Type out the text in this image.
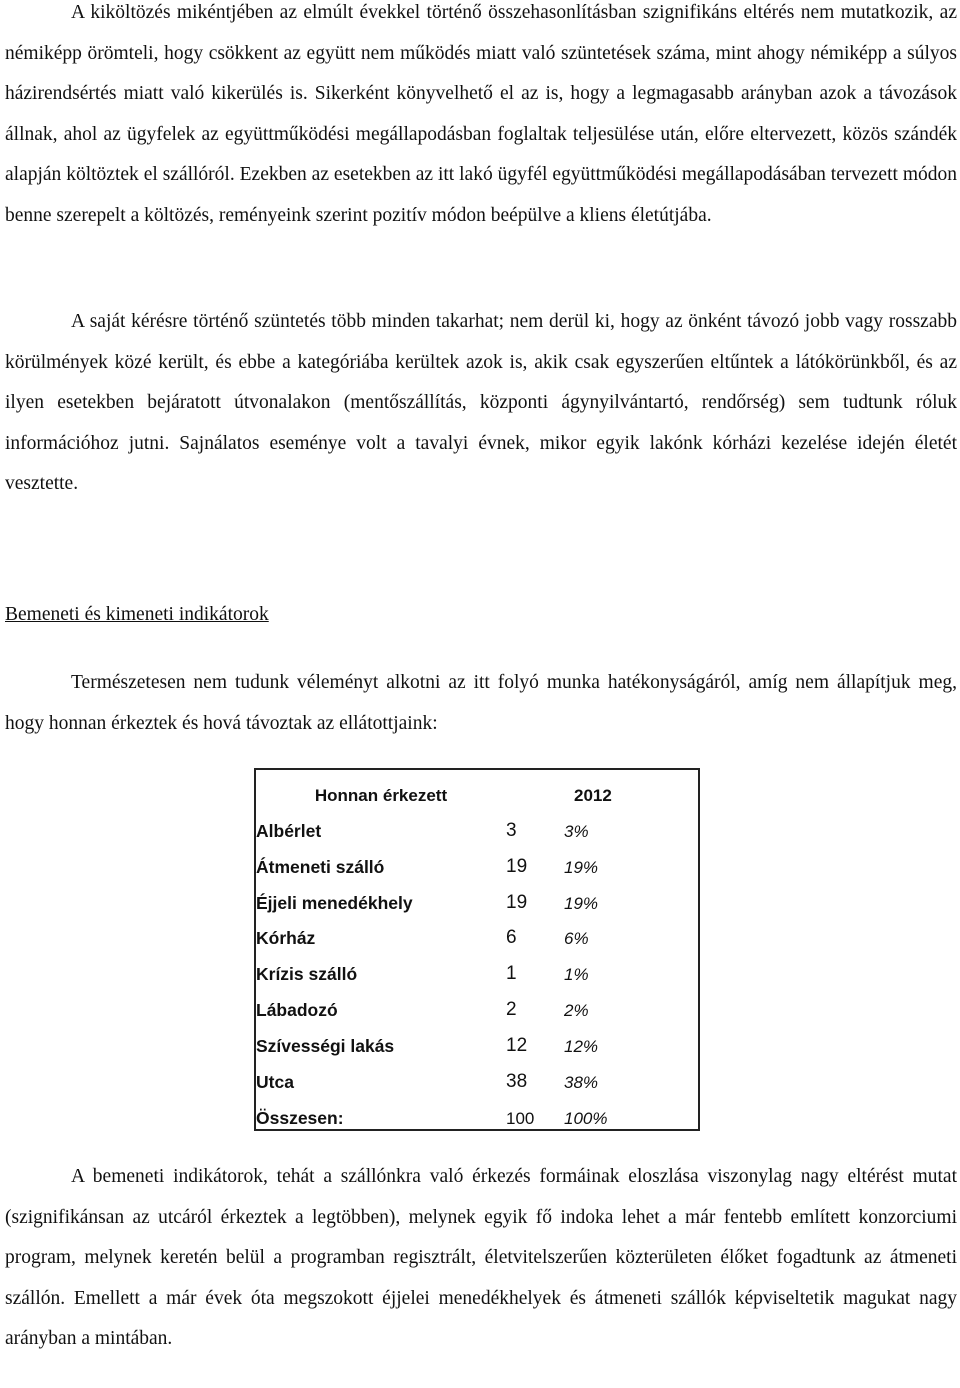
A kiköltözés mikéntjében az elmúlt évekkel történő összehasonlításban szignifikáns eltérés nem mutatkozik, az némiképp örömteli, hogy csökkent az együtt nem működés miatt való szüntetések száma, mint ahogy némiképp a súlyos házirendsértés miatt való kikerülés is. Sikerként könyvelhető el az is, hogy a legmagasabb arányban azok a távozások állnak, ahol az ügyfelek az együttműködési megállapodásban foglaltak teljesülése után, előre eltervezett, közös szándék alapján költöztek el szállóról. Ezekben az esetekben az itt lakó ügyfél együttműködési megállapodásában tervezett módon benne szerepelt a költözés, reményeink szerint pozitív módon beépülve a kliens életútjába.

A saját kérésre történő szüntetés több minden takarhat; nem derül ki, hogy az önként távozó jobb vagy rosszabb körülmények közé került, és ebbe a kategóriába kerültek azok is, akik csak egyszerűen eltűntek a látókörünkből, és az ilyen esetekben bejáratott útvonalakon (mentőszállítás, központi ágynyilvántartó, rendőrség) sem tudtunk róluk információhoz jutni. Sajnálatos eseménye volt a tavalyi évnek, mikor egyik lakónk kórházi kezelése idején életét vesztette.

Bemeneti és kimeneti indikátorok

Természetesen nem tudunk véleményt alkotni az itt folyó munka hatékonyságáról, amíg nem állapítjuk meg, hogy honnan érkeztek és hová távoztak az ellátottjaink:

A bemeneti indikátorok, tehát a szállónkra való érkezés formáinak eloszlása viszonylag nagy eltérést mutat (szignifikánsan az utcáról érkeztek a legtöbben), melynek egyik fő indoka lehet a már fentebb említett konzorciumi program, melynek keretén belül a programban regisztrált, életvitelszerűen közterületen élőket fogadtunk az átmeneti szállón. Emellett a már évek óta megszokott éjjelei menedékhelyek és átmeneti szállók képviseltetik magukat nagy arányban a mintában.

Honnan érkezett	2012	
Albérlet	3	3%
Átmeneti szálló	19	19%
Éjjeli menedékhely	19	19%
Kórház	6	6%
Krízis szálló	1	1%
Lábadozó	2	2%
Szívességi lakás	12	12%
Utca	38	38%
Összesen:	100	100%
